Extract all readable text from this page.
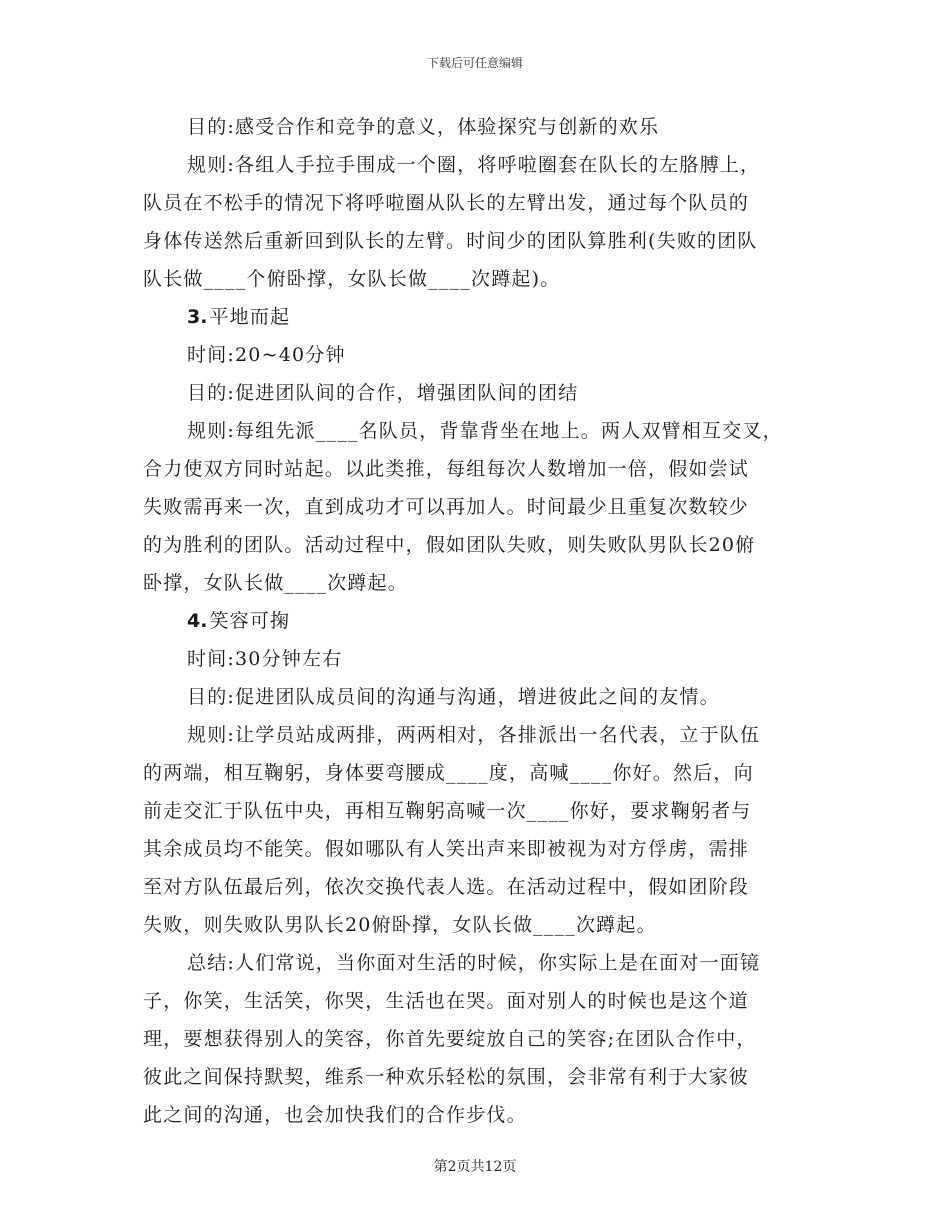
下载后可任意编辑
目的:感受合作和竞争的意义，体验探究与创新的欢乐
规则:各组人手拉手围成一个圈，将呼啦圈套在队长的左胳膊上，
队员在不松手的情况下将呼啦圈从队长的左臂出发，通过每个队员的
身体传送然后重新回到队长的左臂。时间少的团队算胜利(失败的团队
队长做____个俯卧撑，女队长做____次蹲起)。
3. 平地而起
时间:20~40分钟
目的:促进团队间的合作，增强团队间的团结
规则:每组先派____名队员，背靠背坐在地上。两人双臂相互交叉，
合力使双方同时站起。以此类推，每组每次人数增加一倍，假如尝试
失败需再来一次，直到成功才可以再加人。时间最少且重复次数较少
的为胜利的团队。活动过程中，假如团队失败，则失败队男队长20俯
卧撑，女队长做____次蹲起。
4. 笑容可掬
时间:30分钟左右
目的:促进团队成员间的沟通与沟通，增进彼此之间的友情。
规则:让学员站成两排，两两相对，各排派出一名代表，立于队伍
的两端，相互鞠躬，身体要弯腰成____度，高喊____你好。然后，向
前走交汇于队伍中央，再相互鞠躬高喊一次____你好，要求鞠躬者与
其余成员均不能笑。假如哪队有人笑出声来即被视为对方俘虏，需排
至对方队伍最后列，依次交换代表人选。在活动过程中，假如团阶段
失败，则失败队男队长20俯卧撑，女队长做____次蹲起。
总结:人们常说，当你面对生活的时候，你实际上是在面对一面镜
子，你笑，生活笑，你哭，生活也在哭。面对别人的时候也是这个道
理，要想获得别人的笑容，你首先要绽放自己的笑容;在团队合作中，
彼此之间保持默契，维系一种欢乐轻松的氛围，会非常有利于大家彼
此之间的沟通，也会加快我们的合作步伐。
第2页共12页
